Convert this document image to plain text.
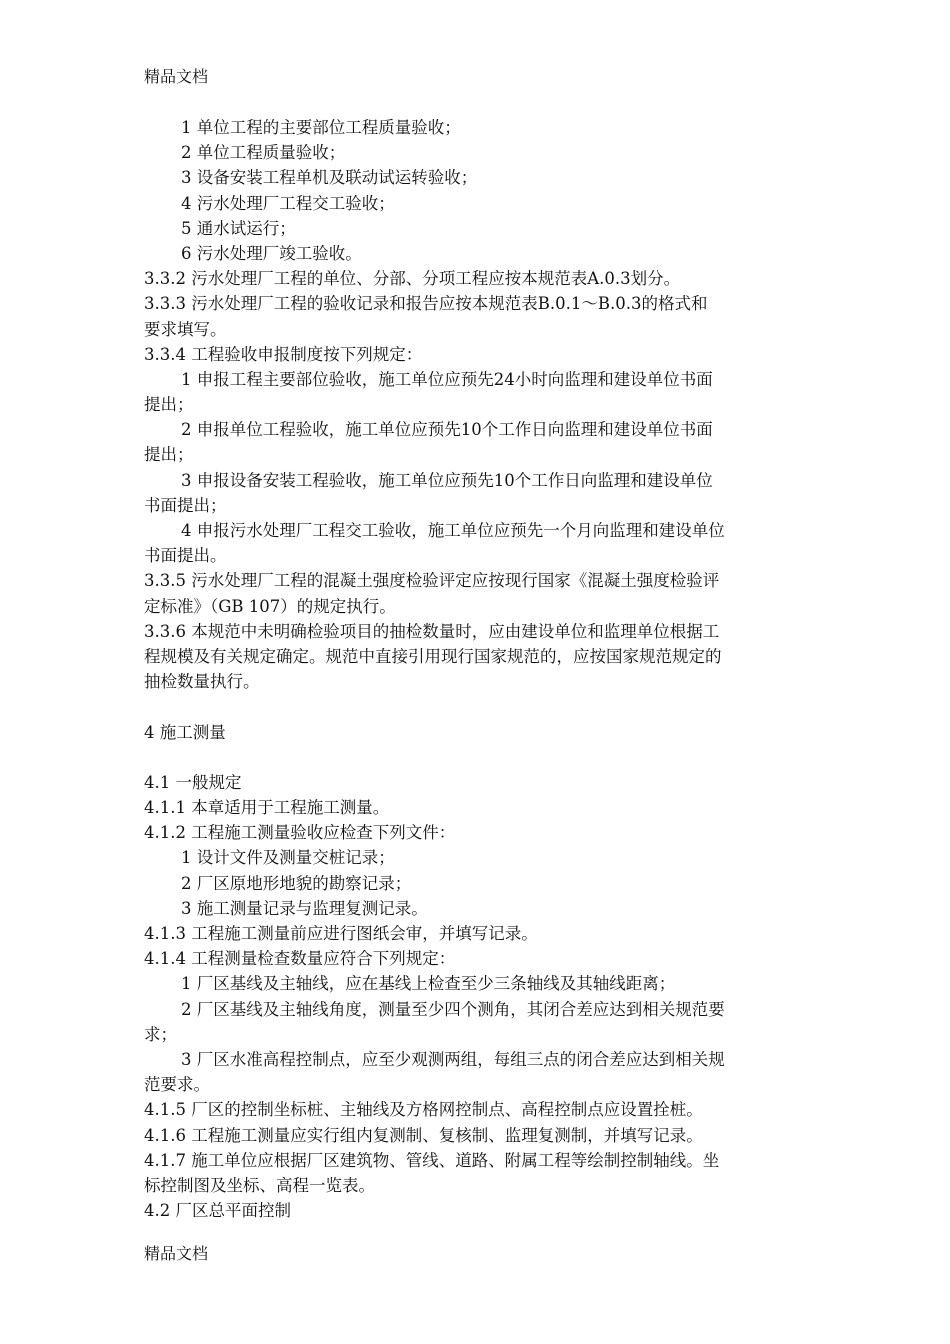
精品文档
1 单位工程的主要部位工程质量验收；
2 单位工程质量验收；
3 设备安装工程单机及联动试运转验收；
4 污水处理厂工程交工验收；
5 通水试运行；
6 污水处理厂竣工验收。
3.3.2 污水处理厂工程的单位、分部、分项工程应按本规范表A.0.3划分。
3.3.3 污水处理厂工程的验收记录和报告应按本规范表B.0.1～B.0.3的格式和
要求填写。
3.3.4 工程验收申报制度按下列规定：
1 申报工程主要部位验收，施工单位应预先24小时向监理和建设单位书面
提出；
2 申报单位工程验收，施工单位应预先10个工作日向监理和建设单位书面
提出；
3 申报设备安装工程验收，施工单位应预先10个工作日向监理和建设单位
书面提出；
4 申报污水处理厂工程交工验收，施工单位应预先一个月向监理和建设单位
书面提出。
3.3.5 污水处理厂工程的混凝土强度检验评定应按现行国家《混凝土强度检验评
定标准》（GB 107）的规定执行。
3.3.6 本规范中未明确检验项目的抽检数量时，应由建设单位和监理单位根据工
程规模及有关规定确定。规范中直接引用现行国家规范的，应按国家规范规定的
抽检数量执行。
4 施工测量
4.1 一般规定
4.1.1 本章适用于工程施工测量。
4.1.2 工程施工测量验收应检查下列文件：
1 设计文件及测量交桩记录；
2 厂区原地形地貌的勘察记录；
3 施工测量记录与监理复测记录。
4.1.3 工程施工测量前应进行图纸会审，并填写记录。
4.1.4 工程测量检查数量应符合下列规定：
1 厂区基线及主轴线，应在基线上检查至少三条轴线及其轴线距离；
2 厂区基线及主轴线角度，测量至少四个测角，其闭合差应达到相关规范要
求；
3 厂区水准高程控制点，应至少观测两组，每组三点的闭合差应达到相关规
范要求。
4.1.5 厂区的控制坐标桩、主轴线及方格网控制点、高程控制点应设置拴桩。
4.1.6 工程施工测量应实行组内复测制、复核制、监理复测制，并填写记录。
4.1.7 施工单位应根据厂区建筑物、管线、道路、附属工程等绘制控制轴线。坐
标控制图及坐标、高程一览表。
4.2 厂区总平面控制
精品文档
